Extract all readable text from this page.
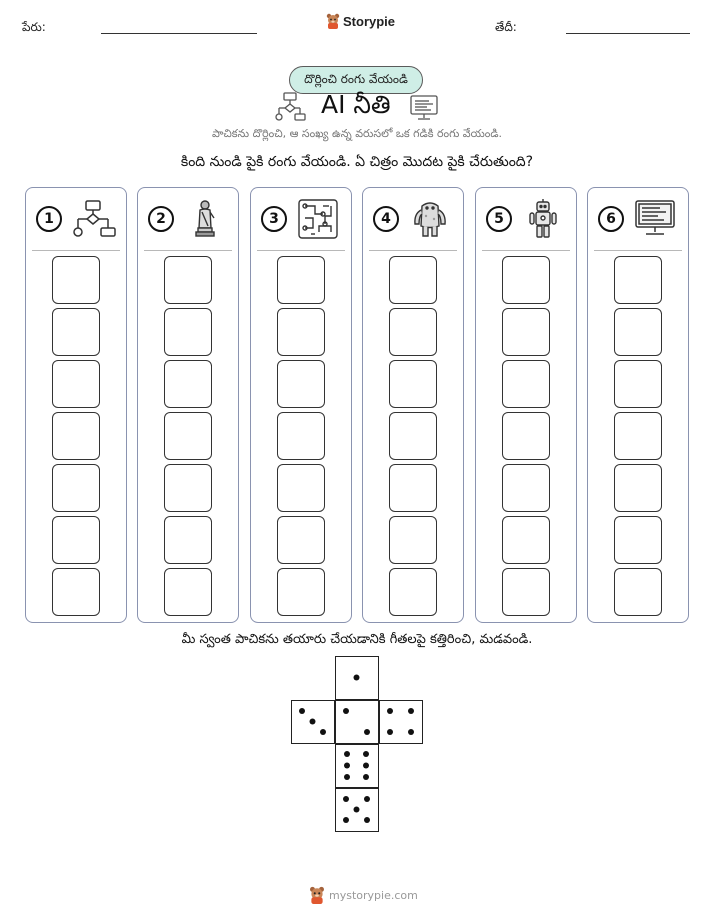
పేరు:	Storypie	తేదీ:
దొర్లించి రంగు వేయండి
AI నీతి
పాచికను దొర్లించి, ఆ సంఖ్య ఉన్న వరుసలో ఒక గడికి రంగు వేయండి.
కింది నుండి పైకి రంగు వేయండి. ఏ చిత్రం మొదట పైకి చేరుతుంది?
1	2	3	4	5	6
మీ స్వంత పాచికను తయారు చేయడానికి గీతలపై కత్తిరించి, మడవండి.
mystorypie.com
